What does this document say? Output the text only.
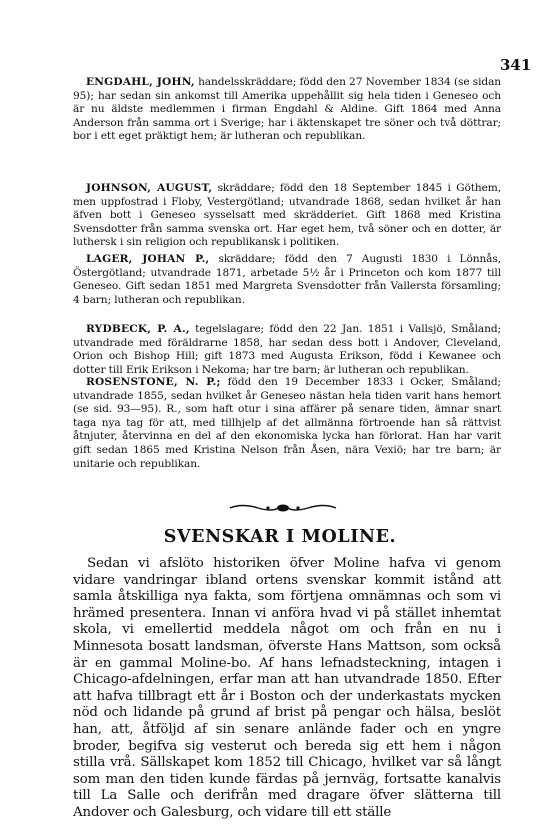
341

ENGDAHL, JOHN, handelsskräddare; född den 27 November 1834 (se sidan 95); har sedan sin ankomst till Amerika uppehållit sig hela tiden i Geneseo och är nu äldste medlemmen i firman Engdahl & Aldine. Gift 1864 med Anna Anderson från samma ort i Sverige; har i äktenskapet tre söner och två döttrar; bor i ett eget präktigt hem; är lutheran och republikan.

JOHNSON, AUGUST, skräddare; född den 18 September 1845 i Göthem, men uppfostrad i Floby, Vestergötland; utvandrade 1868, sedan hvilket år han äfven bott i Geneseo sysselsatt med skrädderiet. Gift 1868 med Kristina Svensdotter från samma svenska ort. Har eget hem, två söner och en dotter, är luthersk i sin religion och republikansk i politiken.

LAGER, JOHAN P., skräddare; född den 7 Augusti 1830 i Lönnås, Östergötland; utvandrade 1871, arbetade 5½ år i Princeton och kom 1877 till Geneseo. Gift sedan 1851 med Margreta Svensdotter från Vallersta församling; 4 barn; lutheran och republikan.

RYDBECK, P. A., tegelslagare; född den 22 Jan. 1851 i Vallsjö, Småland; utvandrade med föräldrarne 1858, har sedan dess bott i Andover, Cleveland, Orion och Bishop Hill; gift 1873 med Augusta Erikson, född i Kewanee och dotter till Erik Erikson i Nekoma; har tre barn; är lutheran och republikan.

ROSENSTONE, N. P.; född den 19 December 1833 i Ocker, Småland; utvandrade 1855, sedan hvilket år Geneseo nästan hela tiden varit hans hemort (se sid. 93—95). R., som haft otur i sina affärer på senare tiden, ämnar snart taga nya tag för att, med tillhjelp af det allmänna förtroende han så rättvist åtnjuter, återvinna en del af den ekonomiska lycka han förlorat. Han har varit gift sedan 1865 med Kristina Nelson från Åsen, nära Vexiö; har tre barn; är unitarie och republikan.

SVENSKAR I MOLINE.

Sedan vi afslöto historiken öfver Moline hafva vi genom vidare vandringar ibland ortens svenskar kommit istånd att samla åtskilliga nya fakta, som förtjena omnämnas och som vi hrämed presentera. Innan vi anföra hvad vi på stället inhemtat skola, vi emellertid meddela något om och från en nu i Minnesota bosatt landsman, öfverste Hans Mattson, som också är en gammal Moline-bo. Af hans lefnadsteckning, intagen i Chicago-afdelningen, erfar man att han utvandrade 1850. Efter att hafva tillbragt ett år i Boston och der underkastats mycken nöd och lidande på grund af brist på pengar och hälsa, beslöt han, att, åtföljd af sin senare anlände fader och en yngre broder, begifva sig vesterut och bereda sig ett hem i någon stilla vrå. Sällskapet kom 1852 till Chicago, hvilket var så långt som man den tiden kunde färdas på jernväg, fortsatte kanalvis till La Salle och derifrån med dragare öfver slätterna till Andover och Galesburg, och vidare till ett ställe
